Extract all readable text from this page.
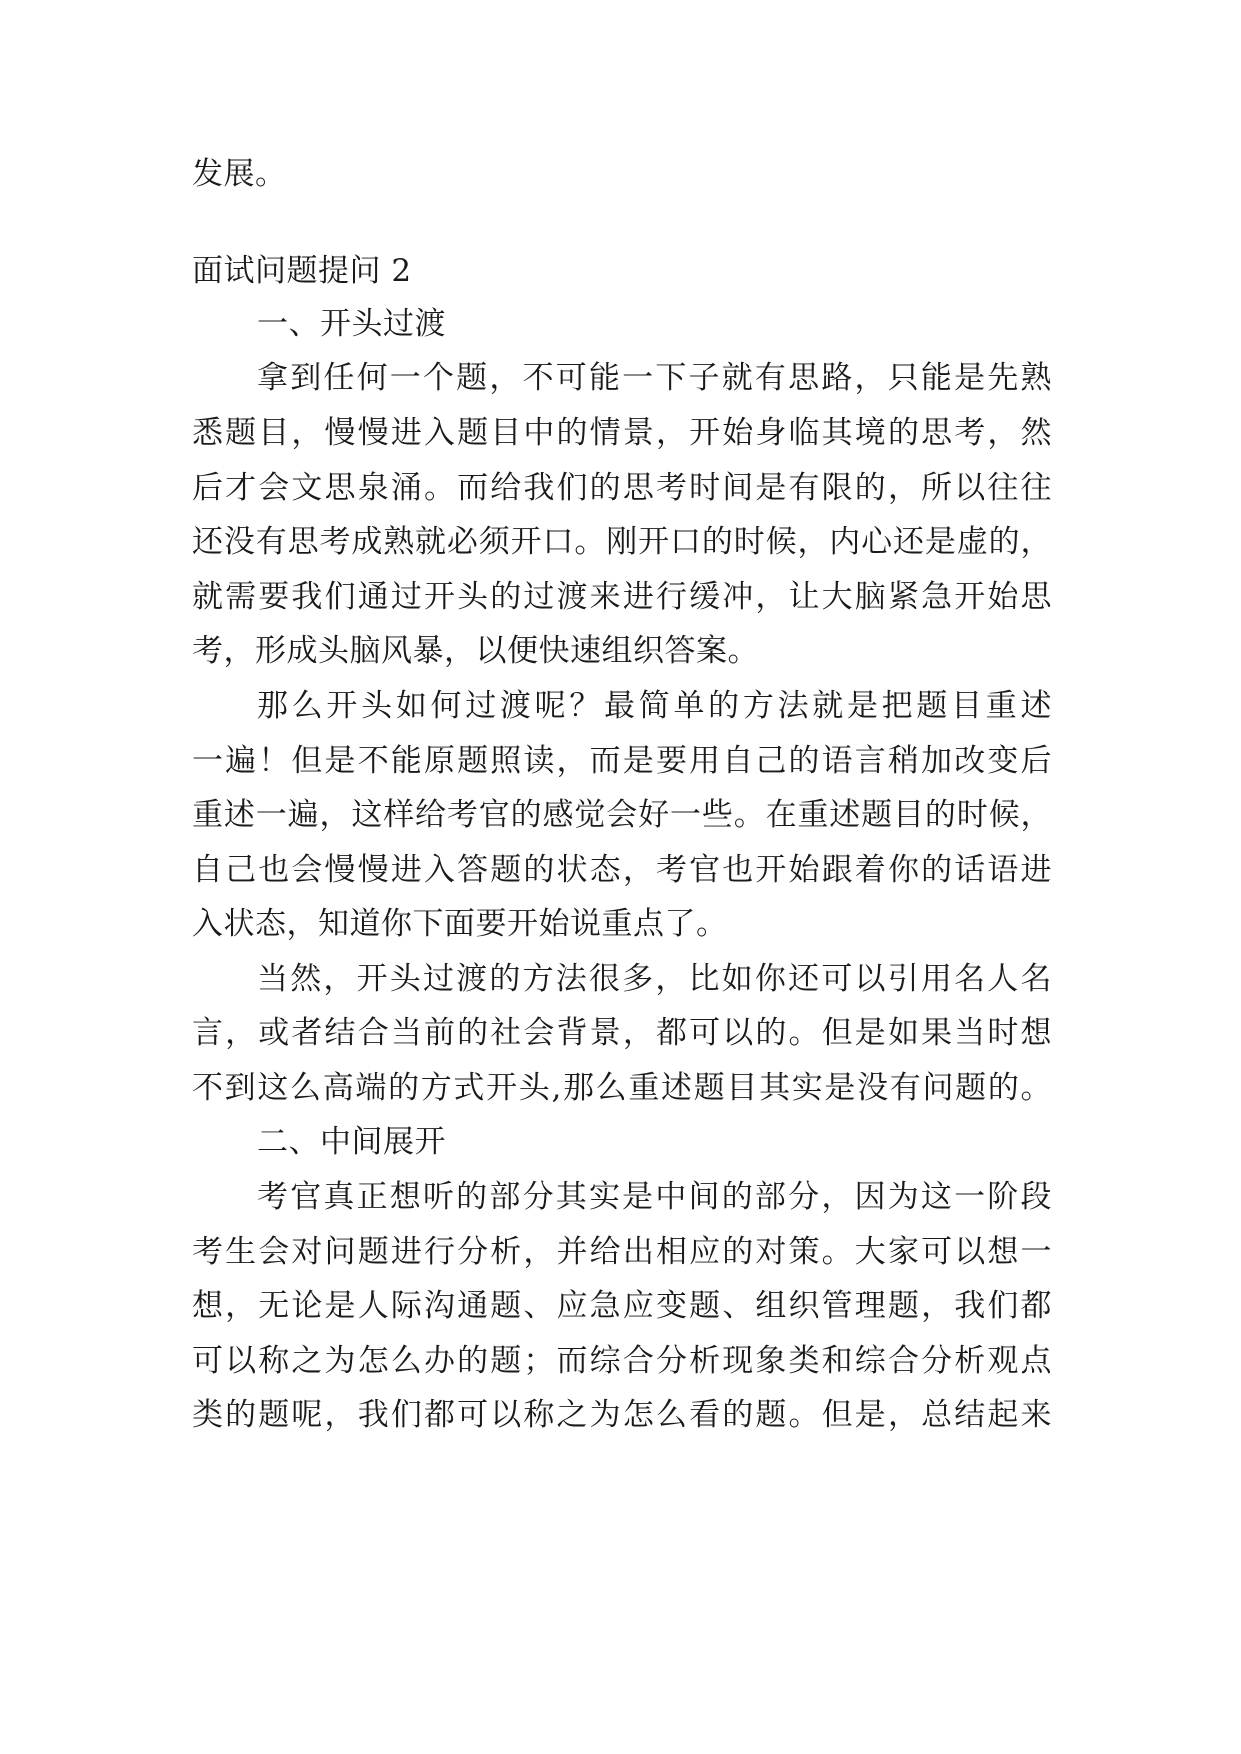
发展。

面试问题提问 2

一、开头过渡

拿到任何一个题，不可能一下子就有思路，只能是先熟

悉题目，慢慢进入题目中的情景，开始身临其境的思考，然

后才会文思泉涌。而给我们的思考时间是有限的，所以往往

还没有思考成熟就必须开口。刚开口的时候，内心还是虚的，

就需要我们通过开头的过渡来进行缓冲，让大脑紧急开始思

考，形成头脑风暴，以便快速组织答案。

那么开头如何过渡呢？最简单的方法就是把题目重述

一遍！但是不能原题照读，而是要用自己的语言稍加改变后

重述一遍，这样给考官的感觉会好一些。在重述题目的时候，

自己也会慢慢进入答题的状态，考官也开始跟着你的话语进

入状态，知道你下面要开始说重点了。

当然，开头过渡的方法很多，比如你还可以引用名人名

言，或者结合当前的社会背景，都可以的。但是如果当时想

不到这么高端的方式开头,那么重述题目其实是没有问题的。

二、中间展开

考官真正想听的部分其实是中间的部分，因为这一阶段

考生会对问题进行分析，并给出相应的对策。大家可以想一

想，无论是人际沟通题、应急应变题、组织管理题，我们都

可以称之为怎么办的题；而综合分析现象类和综合分析观点

类的题呢，我们都可以称之为怎么看的题。但是，总结起来
